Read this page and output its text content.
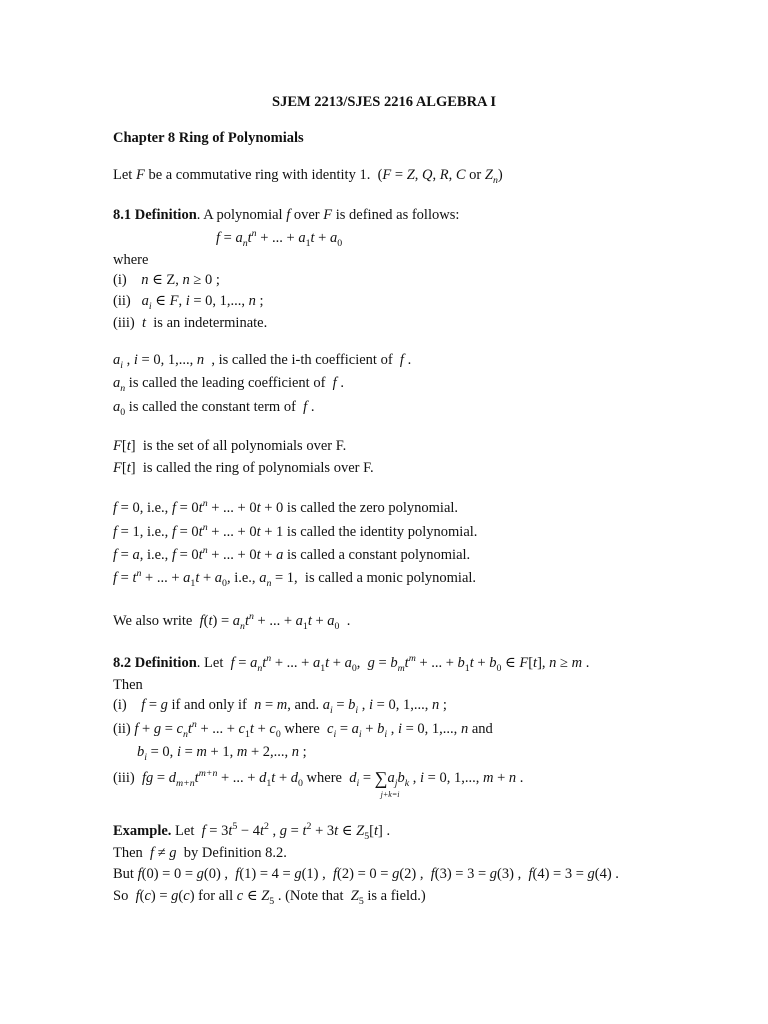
SJEM 2213/SJES 2216 ALGEBRA I
Chapter 8 Ring of Polynomials
Let F be a commutative ring with identity 1.  (F = Z, Q, R, C or $Z_n$)
8.1 Definition. A polynomial f over F is defined as follows:
$f = a_nt^n$ + ... + $a_1t + a_0$
where
(i)    n ∈ Z, n ≥ 0 ;
(ii)   $a_i$ ∈ F, i = 0, 1,..., n ;
(iii)  t  is an indeterminate.
$a_i$ , i = 0, 1,..., n  , is called the i-th coefficient of  f .
$a_n$ is called the leading coefficient of  f .
$a_0$ is called the constant term of  f .
F[t]  is the set of all polynomials over F.
F[t]  is called the ring of polynomials over F.
f = 0, i.e., $f = 0t^n$ + ... + 0t + 0 is called the zero polynomial.
f = 1, i.e., $f = 0t^n$ + ... + 0t + 1 is called the identity polynomial.
f = a, i.e., $f = 0t^n$ + ... + 0t + a is called a constant polynomial.
$f = t^n$ + ... + $a_1t + a_0$, i.e., $a_n = 1$,  is called a monic polynomial.
We also write  $f(t) = a_nt^n$ + ... + $a_1t + a_0$  .
8.2 Definition. Let  $f = a_nt^n$ + ... + $a_1t + a_0$,  $g = b_mt^m$ + ... + $b_1t + b_0$ ∈ F[t], n ≥ m .
Then
(i)    f = g if and only if  n = m, and. $a_i = b_i$ , i = 0, 1,..., n ;
(ii) $f + g = c_nt^n$ + ... + $c_1t + c_0$ where  $c_i = a_i + b_i$ , i = 0, 1,..., n and
$b_i = 0$, i = m + 1, m + 2,..., n ;
(iii)  fg = $d_{m+n}t^{m+n}$ + ... + $d_1t + d_0$ where  $d_i$ = ∑
j+k=i
$a_jb_k$ , i = 0, 1,..., m + n .
Example. Let  $f = 3t^5 - 4t^2$ , $g = t^2 + 3t$ ∈ $Z_5[t]$ .
Then  f ≠ g  by Definition 8.2.
But f(0) = 0 = g(0) ,  f(1) = 4 = g(1) ,  f(2) = 0 = g(2) ,  f(3) = 3 = g(3) ,  f(4) = 3 = g(4) .
So  f(c) = g(c) for all c ∈ $Z_5$ . (Note that  $Z_5$ is a field.)
